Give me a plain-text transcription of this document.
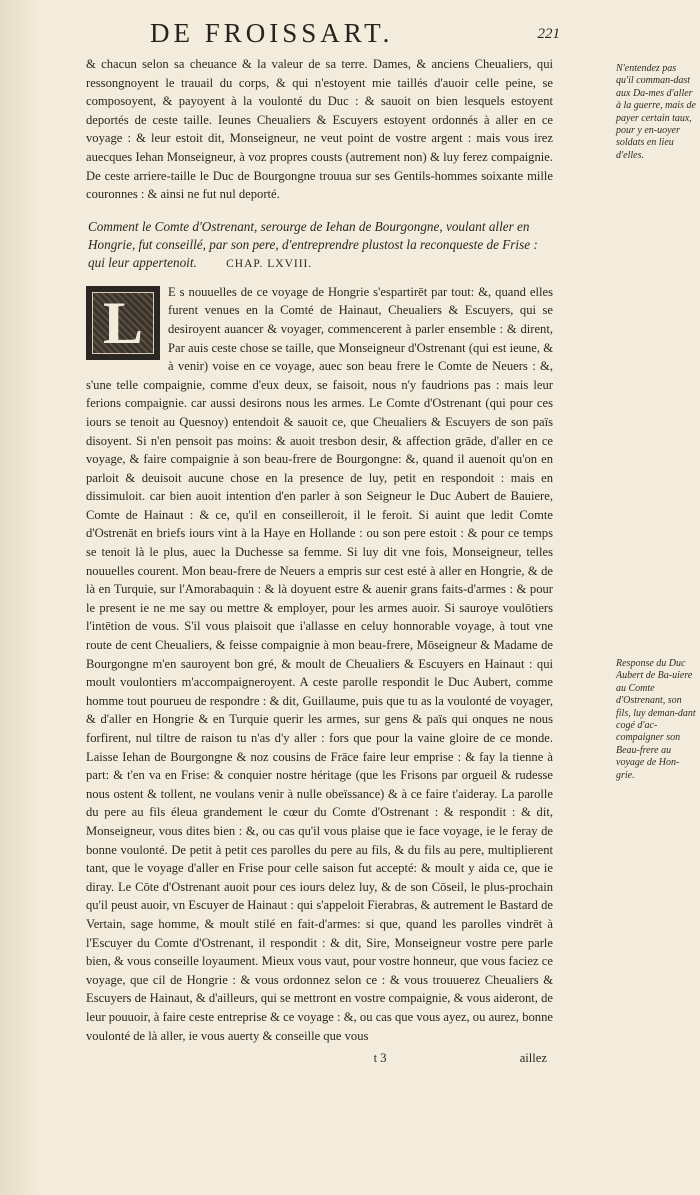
DE FROISSART.	221

& chacun selon sa cheuance & la valeur de sa terre. Dames, & anciens Cheualiers, qui ressongnoyent le trauail du corps, & qui n'estoyent mie taillés d'auoir celle peine, se composoyent, & payoyent à la voulonté du Duc : & sauoit on bien lesquels estoyent deportés de ceste taille. Ieunes Cheualiers & Escuyers estoyent ordonnés à aller en ce voyage : & leur estoit dit, Monseigneur, ne veut point de vostre argent : mais vous irez auecques Iehan Monseigneur, à voz propres cousts (autrement non) & luy ferez compaignie. De ceste arriere-taille le Duc de Bourgongne trouua sur ses Gentils-hommes soixante mille couronnes : & ainsi ne fut nul deporté.

Comment le Comte d'Ostrenant, serourge de Iehan de Bourgongne, voulant aller en Hongrie, fut conseillé, par son pere, d'entreprendre plustost la reconqueste de Frise : qui leur appertenoit.	CHAP. LXVIII.
L	E s nouuelles de ce voyage de Hongrie s'espartirēt par tout: &, quand elles furent venues en la Comté de Hainaut, Cheualiers & Escuyers, qui se desiroyent auancer & voyager, commencerent à parler ensemble : & dirent, Par auis ceste chose se taille, que Monseigneur d'Ostrenant (qui est ieune, & à venir) voise en ce voyage, auec son beau frere le Comte de Neuers : &, s'une telle compaignie, comme d'eux deux, se faisoit, nous n'y faudrions pas : mais leur ferions compaignie. car aussi desirons nous les armes. Le Comte d'Ostrenant (qui pour ces iours se tenoit au Quesnoy) entendoit & sauoit ce, que Cheualiers & Escuyers de son païs disoyent. Si n'en pensoit pas moins: & auoit tresbon desir, & affection grāde, d'aller en ce voyage, & faire compaignie à son beau-frere de Bourgongne: &, quand il auenoit qu'on en parloit & deuisoit aucune chose en la presence de luy, petit en respondoit : mais en dissimuloit. car bien auoit intention d'en parler à son Seigneur le Duc Aubert de Bauiere, Comte de Hainaut : & ce, qu'il en conseilleroit, il le feroit. Si auint que ledit Comte d'Ostrenāt en briefs iours vint à la Haye en Hollande : ou son pere estoit : & pour ce temps se tenoit là le plus, auec la Duchesse sa femme. Si luy dit vne fois, Monseigneur, telles nouuelles courent. Mon beau-frere de Neuers a empris sur cest esté à aller en Hongrie, & de là en Turquie, sur l'Amorabaquin : & là doyuent estre & auenir grans faits-d'armes : & pour le present ie ne me say ou mettre & employer, pour les armes auoir. Si sauroye voulōtiers l'intētion de vous. S'il vous plaisoit que i'allasse en celuy honnorable voyage, à tout vne route de cent Cheualiers, & feisse compaignie à mon beau-frere, Mōseigneur & Madame de Bourgongne m'en sauroyent bon gré, & moult de Cheualiers & Escuyers en Hainaut : qui moult voulontiers m'accompaigneroyent. A ceste parolle respondit le Duc Aubert, comme homme tout pourueu de respondre : & dit, Guillaume, puis que tu as la voulonté de voyager, & d'aller en Hongrie & en Turquie querir les armes, sur gens & païs qui onques ne nous forfirent, nul tiltre de raison tu n'as d'y aller : fors que pour la vaine gloire de ce monde. Laisse Iehan de Bourgongne & noz cousins de Frāce faire leur emprise : & fay la tienne à part: & t'en va en Frise: & conquier nostre héritage (que les Frisons par orgueil & rudesse nous ostent & tollent, ne voulans venir à nulle obeïssance) & à ce faire t'aideray. La parolle du pere au fils éleua grandement le cœur du Comte d'Ostrenant : & respondit : & dit, Monseigneur, vous dites bien : &, ou cas qu'il vous plaise que ie face voyage, ie le feray de bonne voulonté. De petit à petit ces parolles du pere au fils, & du fils au pere, multiplierent tant, que le voyage d'aller en Frise pour celle saison fut accepté: & moult y aida ce, que ie diray. Le Cōte d'Ostrenant auoit pour ces iours delez luy, & de son Cōseil, le plus-prochain qu'il peust auoir, vn Escuyer de Hainaut : qui s'appeloit Fierabras, & autrement le Bastard de Vertain, sage homme, & moult stilé en fait-d'armes: si que, quand les parolles vindrēt à l'Escuyer du Comte d'Ostrenant, il respondit : & dit, Sire, Monseigneur vostre pere parle bien, & vous conseille loyaument. Mieux vous vaut, pour vostre honneur, que vous faciez ce voyage, que cil de Hongrie : & vous ordonnez selon ce : & vous trouuerez Cheualiers & Escuyers de Hainaut, & d'ailleurs, qui se mettront en vostre compaignie, & vous aideront, de leur pouuoir, à faire ceste entreprise & ce voyage : &, ou cas que vous ayez, ou aurez, bonne voulonté de là aller, ie vous auerty & conseille que vous

t 3	aillez
N'entendez pas qu'il comman-dast aux Da-mes d'aller à la guerre, mais de payer certain taux, pour y en-uoyer soldats en lieu d'elles.
Response du Duc Aubert de Ba-uiere au Comte d'Ostrenant, son fils, luy deman-dant cogé d'ac-compaigner son Beau-frere au voyage de Hon-grie.
